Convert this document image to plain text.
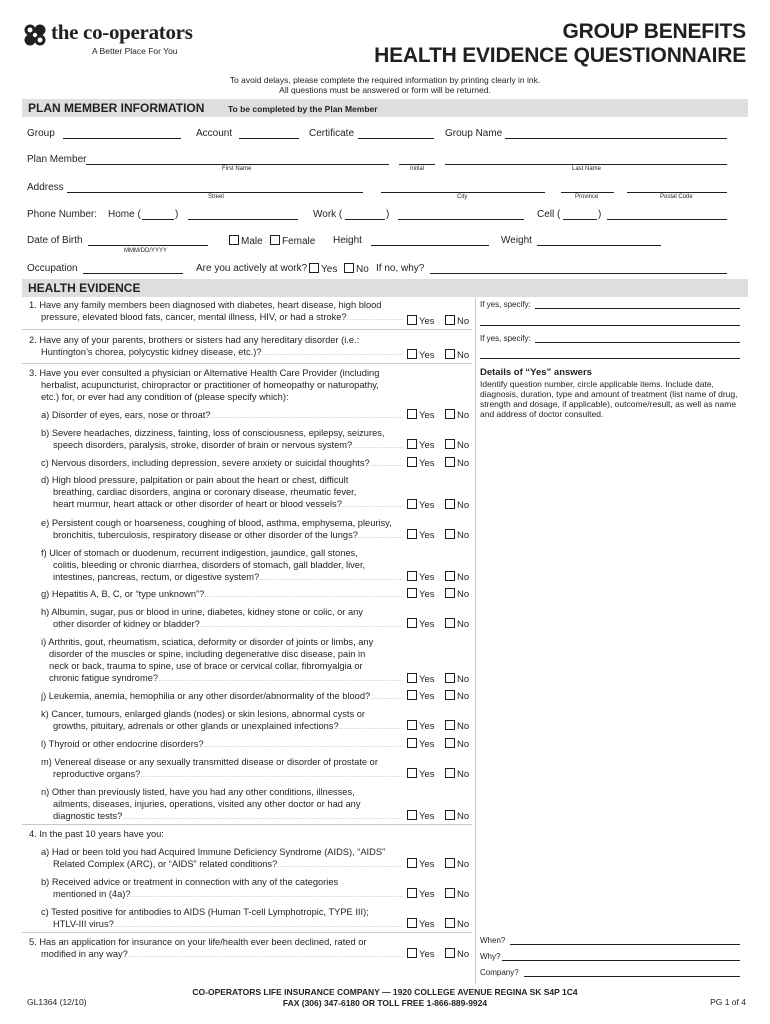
the co-operators
A Better Place For You
GROUP BENEFITS
HEALTH EVIDENCE QUESTIONNAIRE
To avoid delays, please complete the required information by printing clearly in ink.
All questions must be answered or form will be returned.
PLAN MEMBER INFORMATION	To be completed by the Plan Member
Group	Account	Certificate	Group Name
Plan Member
First Name	Initial	Last Name
Address
Street	City	Province	Postal Code
Phone Number: Home (	)	Work (	)	Cell (	)
Date of Birth
MMM/DD/YYYY
Male	Female Height	Weight
Occupation	Are you actively at work?	Yes	No If no, why?
HEALTH EVIDENCE
1. Have any family members been diagnosed with diabetes, heart disease, high blood
pressure, elevated blood fats, cancer, mental illness, HIV, or had a stroke? .....	Yes	No
If yes, specify:
2. Have any of your parents, brothers or sisters had any hereditary disorder (i.e.:
Huntington’s chorea, polycystic kidney disease, etc.)? .....	Yes	No
If yes, specify:
3. Have you ever consulted a physician or Alternative Health Care Provider (including
herbalist, acupuncturist, chiropractor or practitioner of homeopathy or naturopathy,
etc.) for, or ever had any condition of (please specify which):
Details of “Yes” answers
Identify question number, circle applicable items. Include date, diagnosis, duration, type and amount of treatment (list name of drug, strength and dosage, if applicable), outcome/result, as well as name and address of doctor consulted.
a) Disorder of eyes, ears, nose or throat? .....	Yes	No
b) Severe headaches, dizziness, fainting, loss of consciousness, epilepsy, seizures,
speech disorders, paralysis, stroke, disorder of brain or nervous system? .....	Yes	No
c) Nervous disorders, including depression, severe anxiety or suicidal thoughts? .....	Yes	No
d) High blood pressure, palpitation or pain about the heart or chest, difficult
breathing, cardiac disorders, angina or coronary disease, rheumatic fever,
heart murmur, heart attack or other disorder of heart or blood vessels? .....	Yes	No
e) Persistent cough or hoarseness, coughing of blood, asthma, emphysema, pleurisy,
bronchitis, tuberculosis, respiratory disease or other disorder of the lungs? .....	Yes	No
f) Ulcer of stomach or duodenum, recurrent indigestion, jaundice, gall stones,
colitis, bleeding or chronic diarrhea, disorders of stomach, gall bladder, liver,
intestines, pancreas, rectum, or digestive system? .....	Yes	No
g) Hepatitis A, B, C, or “type unknown”? .....	Yes	No
h) Albumin, sugar, pus or blood in urine, diabetes, kidney stone or colic, or any
other disorder of kidney or bladder? .....	Yes	No
i) Arthritis, gout, rheumatism, sciatica, deformity or disorder of joints or limbs, any
disorder of the muscles or spine, including degenerative disc disease, pain in
neck or back, trauma to spine, use of brace or cervical collar, fibromyalgia or
chronic fatigue syndrome? .....	Yes	No
j) Leukemia, anemia, hemophilia or any other disorder/abnormality of the blood? .....	Yes	No
k) Cancer, tumours, enlarged glands (nodes) or skin lesions, abnormal cysts or
growths, pituitary, adrenals or other glands or unexplained infections? .....	Yes	No
l) Thyroid or other endocrine disorders? .....	Yes	No
m) Venereal disease or any sexually transmitted disease or disorder of prostate or
reproductive organs? .....	Yes	No
n) Other than previously listed, have you had any other conditions, illnesses,
ailments, diseases, injuries, operations, visited any other doctor or had any
diagnostic tests? .....	Yes	No
4. In the past 10 years have you:
a) Had or been told you had Acquired Immune Deficiency Syndrome (AIDS), “AIDS”
Related Complex (ARC), or “AIDS” related conditions? .....	Yes	No
b) Received advice or treatment in connection with any of the categories
mentioned in (4a)? .....	Yes	No
c) Tested positive for antibodies to AIDS (Human T-cell Lymphotropic, TYPE III);
HTLV-III virus? .....	Yes	No
5. Has an application for insurance on your life/health ever been declined, rated or
modified in any way? .....	Yes	No
When?
Why?
Company?
CO-OPERATORS LIFE INSURANCE COMPANY — 1920 COLLEGE AVENUE REGINA SK S4P 1C4
FAX (306) 347-6180 OR TOLL FREE 1-866-889-9924
GL1364 (12/10)	PG 1 of 4
